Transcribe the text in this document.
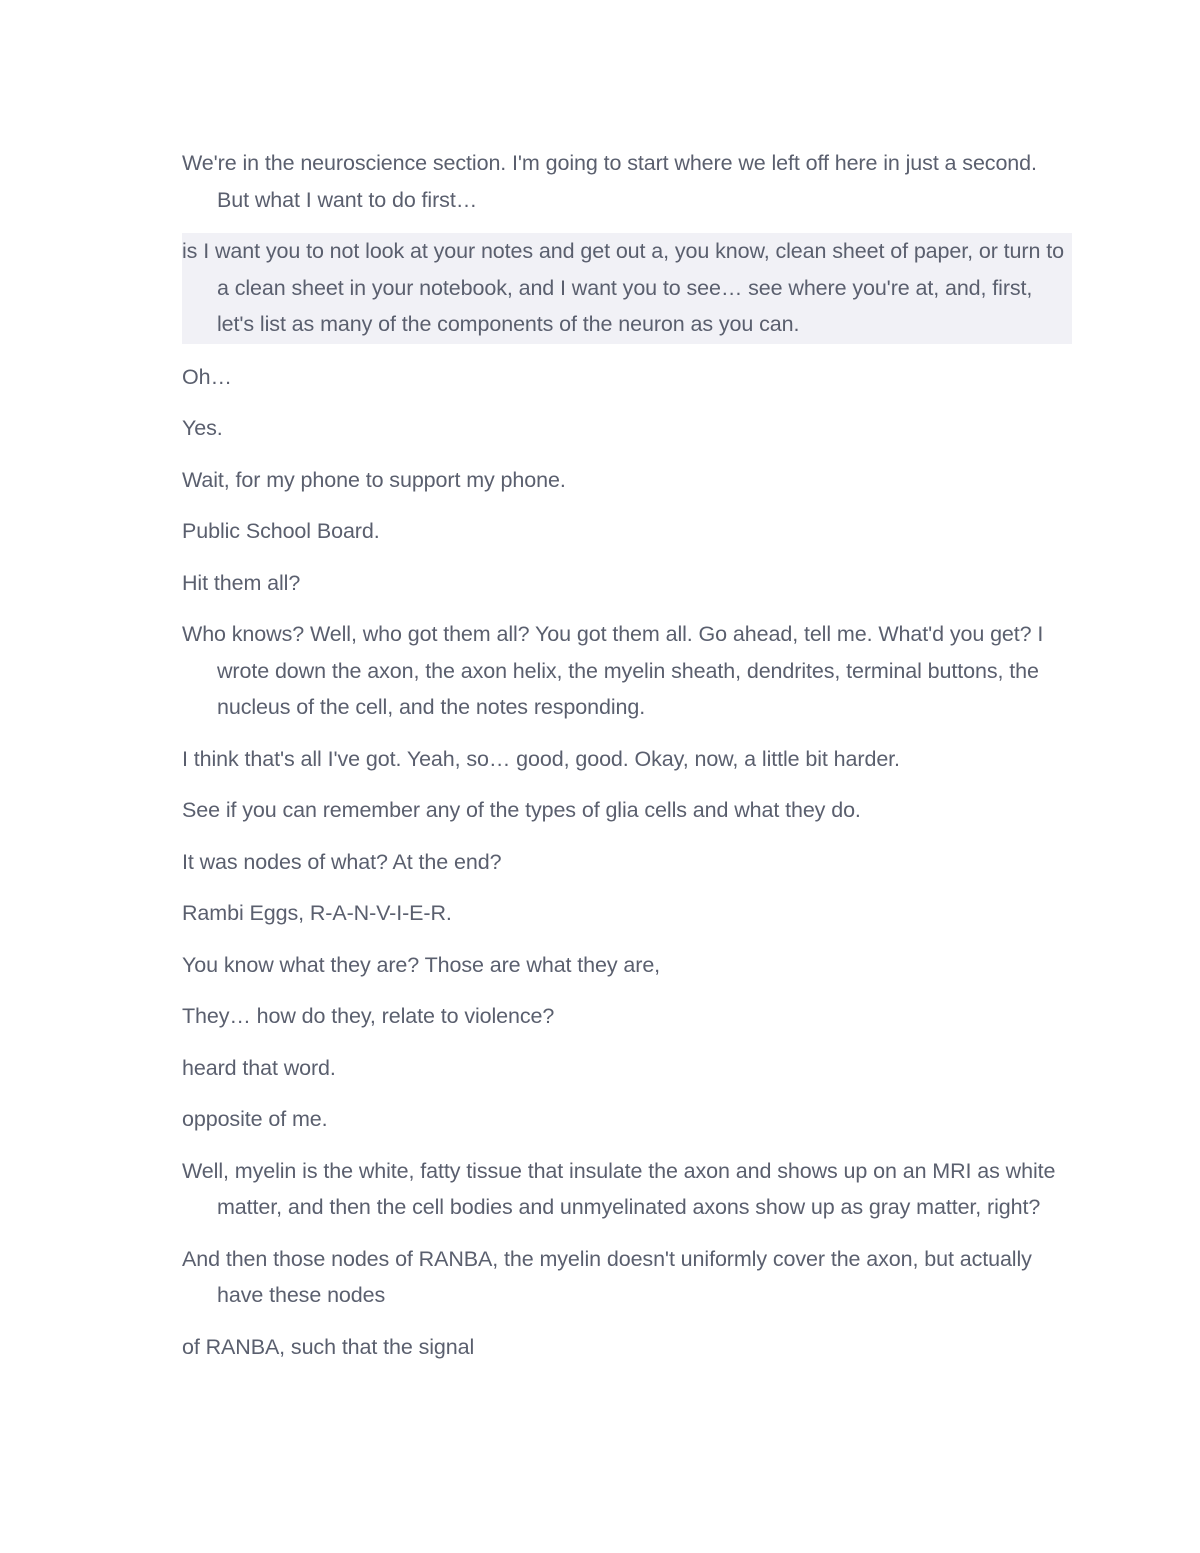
We're in the neuroscience section. I'm going to start where we left off here in just a second. But what I want to do first…

is I want you to not look at your notes and get out a, you know, clean sheet of paper, or turn to a clean sheet in your notebook, and I want you to see… see where you're at, and, first, let's list as many of the components of the neuron as you can.

Oh…

Yes.

Wait, for my phone to support my phone.

Public School Board.

Hit them all?

Who knows? Well, who got them all? You got them all. Go ahead, tell me. What'd you get? I wrote down the axon, the axon helix, the myelin sheath, dendrites, terminal buttons, the nucleus of the cell, and the notes responding.

I think that's all I've got. Yeah, so… good, good. Okay, now, a little bit harder.

See if you can remember any of the types of glia cells and what they do.

It was nodes of what? At the end?

Rambi Eggs, R-A-N-V-I-E-R.

You know what they are? Those are what they are,

They… how do they, relate to violence?

heard that word.

opposite of me.

Well, myelin is the white, fatty tissue that insulate the axon and shows up on an MRI as white matter, and then the cell bodies and unmyelinated axons show up as gray matter, right?

And then those nodes of RANBA, the myelin doesn't uniformly cover the axon, but actually have these nodes

of RANBA, such that the signal
